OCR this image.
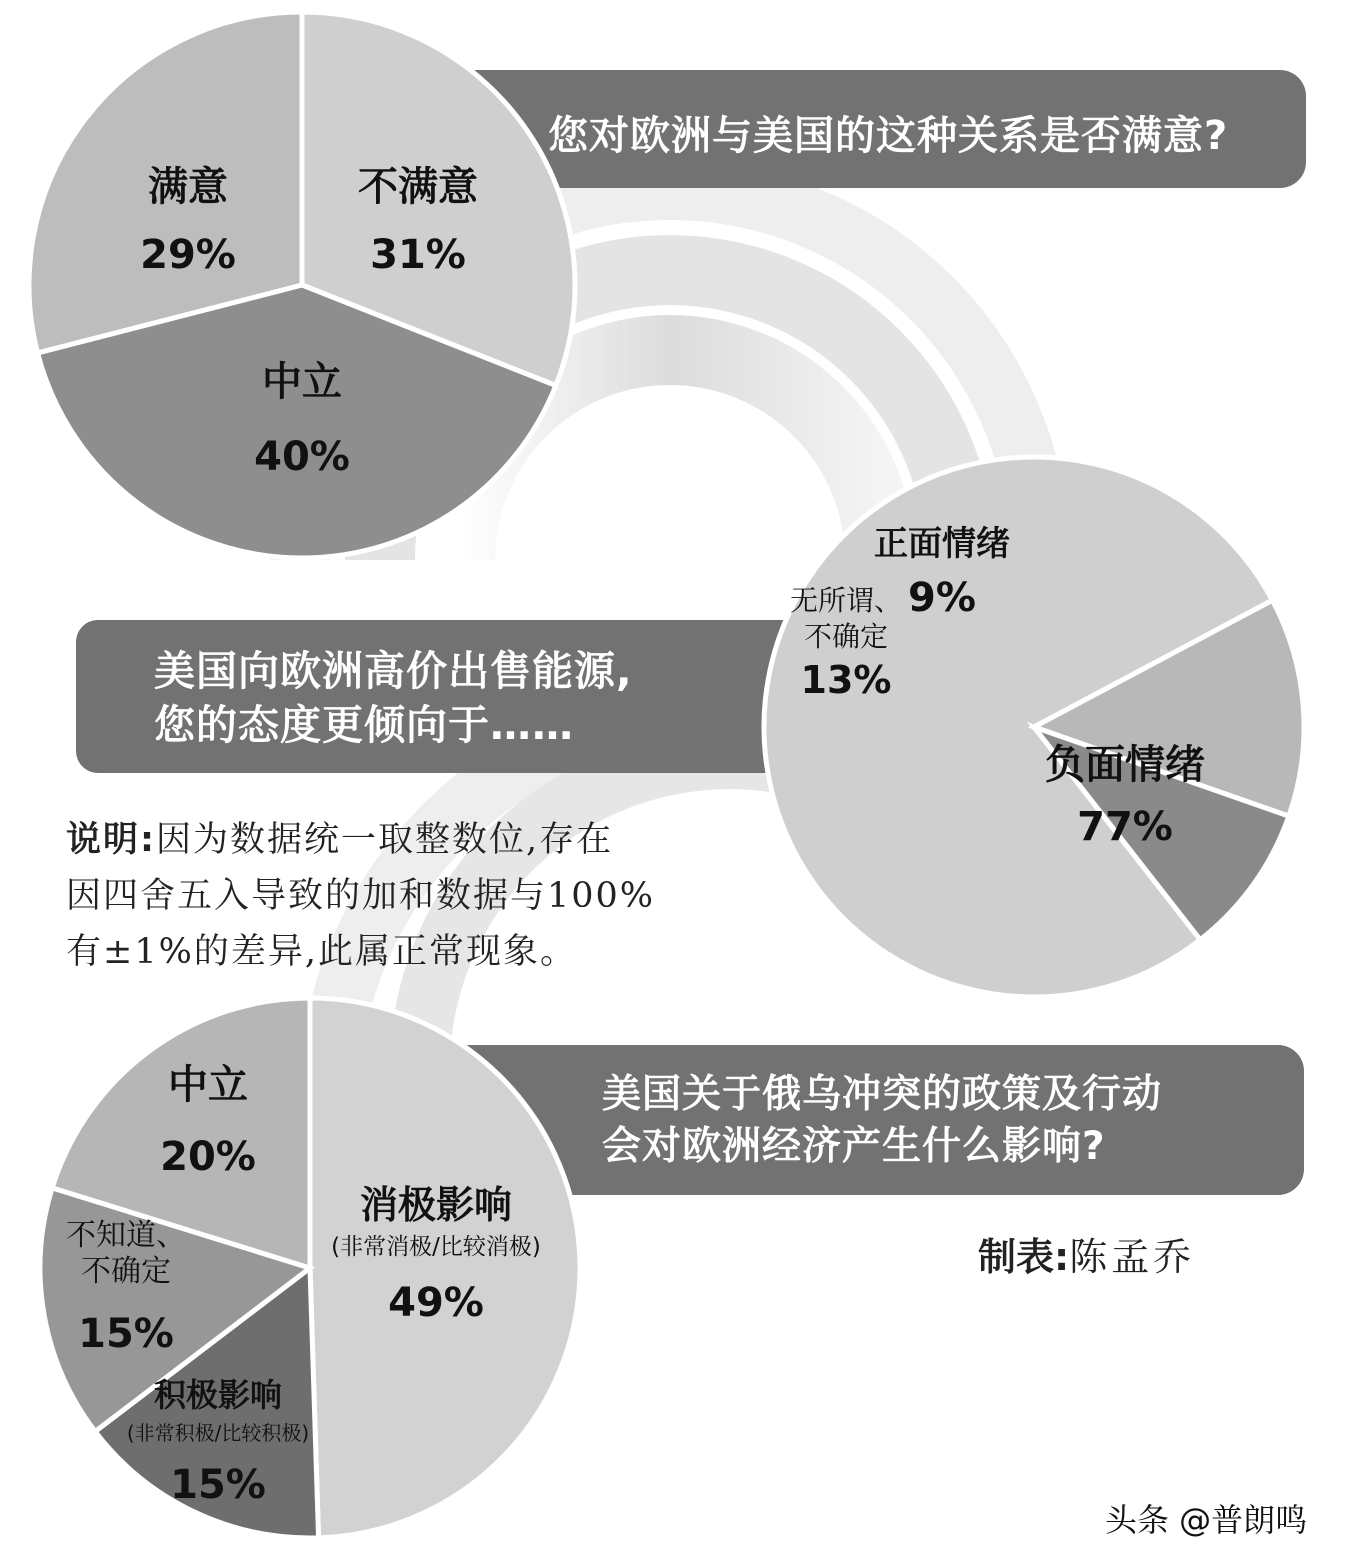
您对欧洲与美国的这种关系是否满意?
美国向欧洲高价出售能源,
您的态度更倾向于……
美国关于俄乌冲突的政策及行动
会对欧洲经济产生什么影响?
不满意
31%
中立
40%
满意
29%
负面情绪
77%
无所谓、
不确定
13%
正面情绪
9%
消极影响
(非常消极/比较消极)
49%
积极影响
(非常积极/比较积极)
15%
不知道、
不确定
15%
中立
20%
说明:因为数据统一取整数位,存在
因四舍五入导致的加和数据与100%
有±1%的差异,此属正常现象。
制表:陈孟乔
头条 @普朗鸣
